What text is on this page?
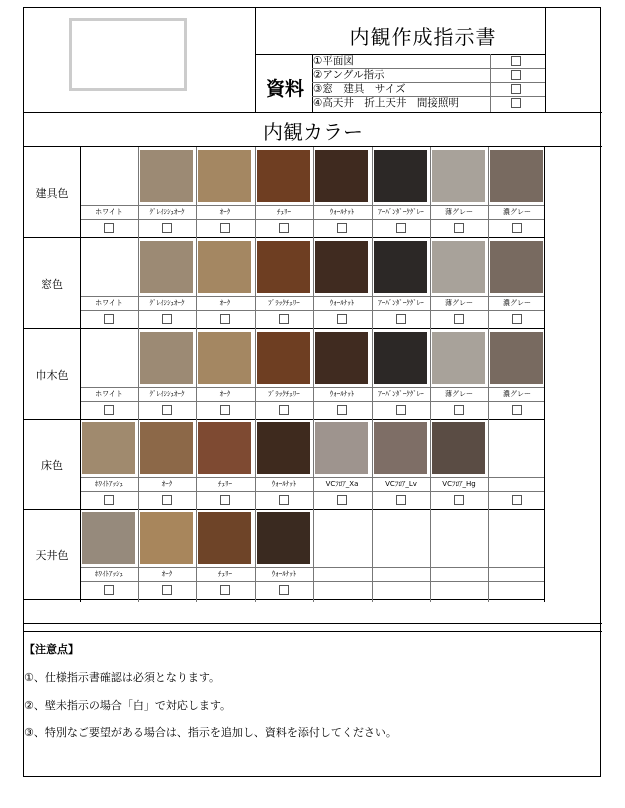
内観作成指示書
資料
①平面図
②アングル指示
③窓　建具　サイズ
④高天井　折上天井　間接照明
内観カラー
建具色
ホワイト	ｸﾞﾚｲｼｼｭｵｰｸ	ｵｰｸ	ﾁｪﾘｰ	ｳｫｰﾙﾅｯﾄ	ｱｰﾊﾞﾝﾀﾞｰｸｸﾞﾚｰ	薄グレー	濃グレー
窓色
ホワイト	ｸﾞﾚｲｼｼｭｵｰｸ	ｵｰｸ	ﾌﾞﾗｯｸﾁｪﾘｰ	ｳｫｰﾙﾅｯﾄ	ｱｰﾊﾞﾝﾀﾞｰｸｸﾞﾚｰ	薄グレー	濃グレー
巾木色
ホワイト	ｸﾞﾚｲｼｼｭｵｰｸ	ｵｰｸ	ﾌﾞﾗｯｸﾁｪﾘｰ	ｳｫｰﾙﾅｯﾄ	ｱｰﾊﾞﾝﾀﾞｰｸｸﾞﾚｰ	薄グレー	濃グレー
床色
ﾎﾜｲﾄｱｯｼｭ	ｵｰｸ	ﾁｪﾘｰ	ｳｫｰﾙﾅｯﾄ	VCﾌﾛｱ_Xa	VCﾌﾛｱ_Lv	VCﾌﾛｱ_Hg
天井色
ﾎﾜｲﾄｱｯｼｭ	ｵｰｸ	ﾁｪﾘｰ	ｳｫｰﾙﾅｯﾄ
【注意点】
①、仕様指示書確認は必須となります。
②、壁未指示の場合「白」で対応します。
③、特別なご要望がある場合は、指示を追加し、資料を添付してください。
